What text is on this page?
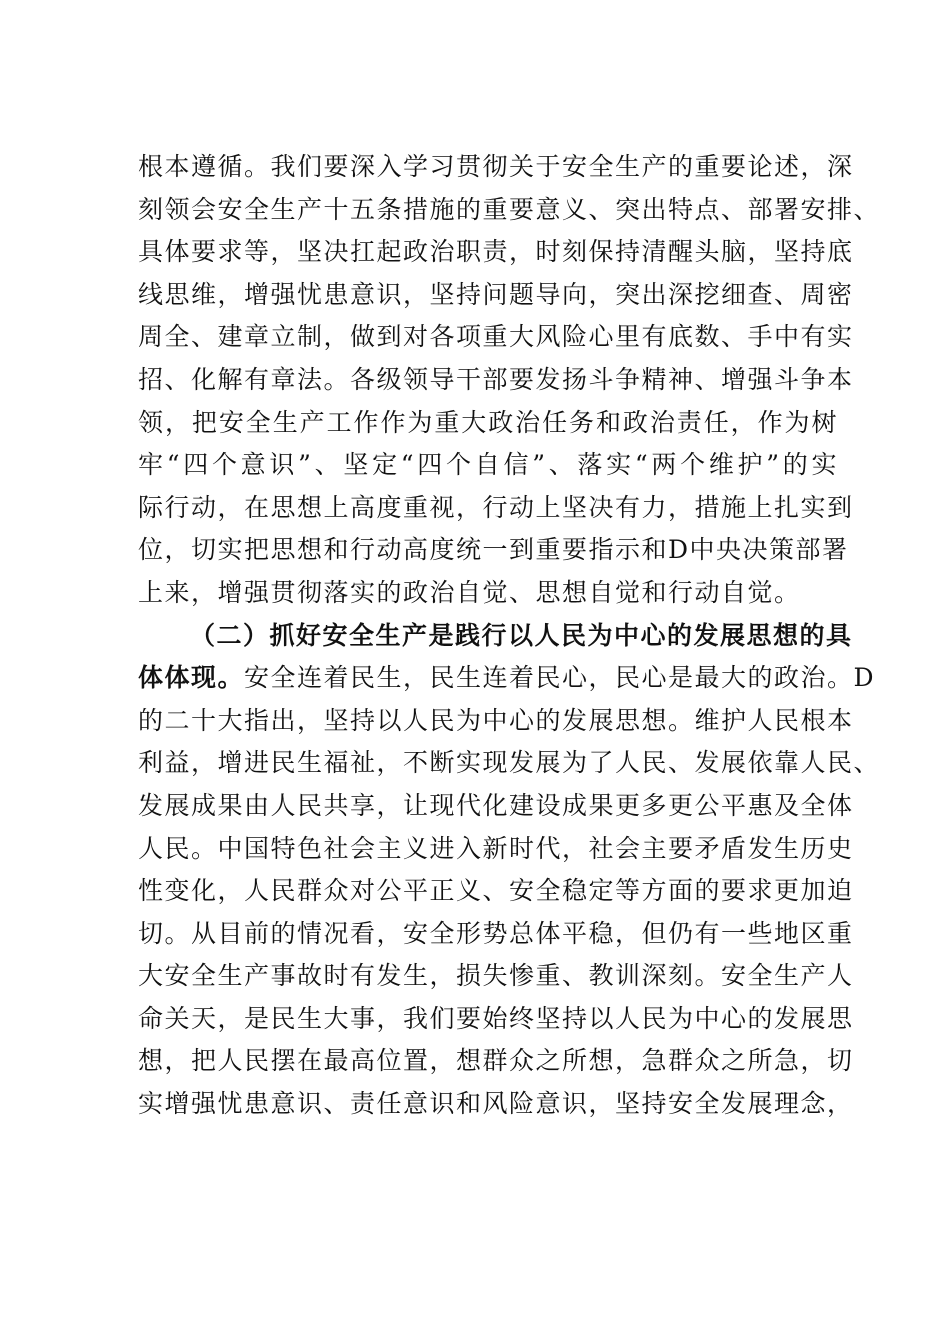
根本遵循。我们要深入学习贯彻关于安全生产的重要论述，深
刻领会安全生产十五条措施的重要意义、突出特点、部署安排、
具体要求等，坚决扛起政治职责，时刻保持清醒头脑，坚持底
线思维，增强忧患意识，坚持问题导向，突出深挖细查、周密
周全、建章立制，做到对各项重大风险心里有底数、手中有实
招、化解有章法。各级领导干部要发扬斗争精神、增强斗争本
领，把安全生产工作作为重大政治任务和政治责任，作为树
牢“四个意识”、坚定“四个自信”、落实“两个维护”的实
际行动，在思想上高度重视，行动上坚决有力，措施上扎实到
位，切实把思想和行动高度统一到重要指示和D中央决策部署
上来，增强贯彻落实的政治自觉、思想自觉和行动自觉。
（二）抓好安全生产是践行以人民为中心的发展思想的具
体体现。安全连着民生，民生连着民心，民心是最大的政治。D
的二十大指出，坚持以人民为中心的发展思想。维护人民根本
利益，增进民生福祉，不断实现发展为了人民、发展依靠人民、
发展成果由人民共享，让现代化建设成果更多更公平惠及全体
人民。中国特色社会主义进入新时代，社会主要矛盾发生历史
性变化，人民群众对公平正义、安全稳定等方面的要求更加迫
切。从目前的情况看，安全形势总体平稳，但仍有一些地区重
大安全生产事故时有发生，损失惨重、教训深刻。安全生产人
命关天，是民生大事，我们要始终坚持以人民为中心的发展思
想，把人民摆在最高位置，想群众之所想，急群众之所急，切
实增强忧患意识、责任意识和风险意识，坚持安全发展理念，
